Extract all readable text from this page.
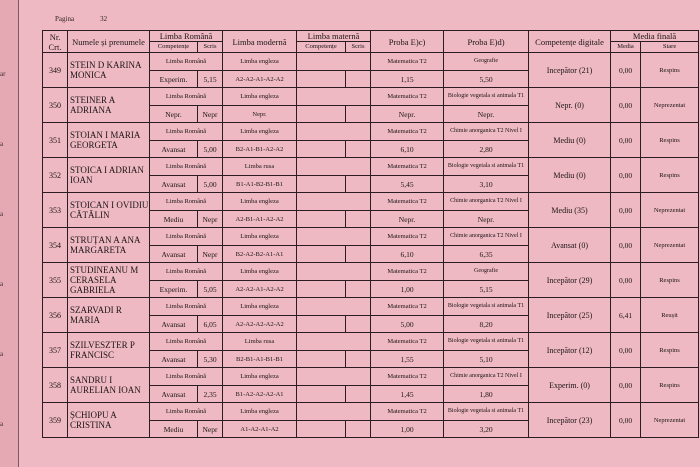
ar
a
a
a
a
a
Pagina	32
Nr. Crt.	Numele și prenumele	Limba Română		Limba modernă	Limba maternă		Proba E)c)	Proba E)d)	Competențe digitale	Media finală	
		Competențe	Scris		Competențe	Scris				Media	Stare
349	STEIN D KARINA MONICA	Limba Română		Limba engleza			Matematica T2	Geografie	Incepător (21)	0,00	Respins
		Experim.	5,15	A2-A2-A1-A2-A2			1,15	5,50			
350	STEINER A ADRIANA	Limba Română		Limba engleza			Matematica T2	Biologie vegetala si animala T1	Nepr. (0)	0,00	Neprezentat
		Nepr.	Nepr	Nepr.			Nepr.	Nepr.			
351	STOIAN I MARIA GEORGETA	Limba Română		Limba engleza			Matematica T2	Chimie anorganica T2 Nivel I	Mediu (0)	0,00	Respins
		Avansat	5,00	B2-A1-B1-A2-A2			6,10	2,80			
352	STOICA I ADRIAN IOAN	Limba Română		Limba rusa			Matematica T2	Biologie vegetala si animala T1	Mediu (0)	0,00	Respins
		Avansat	5,00	B1-A1-B2-B1-B1			5,45	3,10			
353	STOICAN I OVIDIU CĂTĂLIN	Limba Română		Limba engleza			Matematica T2	Chimie anorganica T2 Nivel I	Mediu (35)	0,00	Neprezentat
		Mediu	Nepr	A2-B1-A1-A2-A2			Nepr.	Nepr.			
354	STRUȚAN A ANA MARGARETA	Limba Română		Limba engleza			Matematica T2	Chimie anorganica T2 Nivel I	Avansat (0)	0,00	Neprezentat
		Avansat	Nepr	B2-A2-B2-A1-A1			6,10	6,35			
355	STUDINEANU M CERASELA GABRIELA	Limba Română		Limba engleza			Matematica T2	Geografie	Incepător (29)	0,00	Respins
		Experim.	5,05	A2-A2-A1-A2-A2			1,00	5,15			
356	SZARVADI R MARIA	Limba Română		Limba engleza			Matematica T2	Biologie vegetala si animala T1	Incepător (25)	6,41	Reușit
		Avansat	6,05	A2-A2-A2-A2-A2			5,00	8,20			
357	SZILVESZTER P FRANCISC	Limba Română		Limba rusa			Matematica T2	Biologie vegetala si animala T1	Incepător (12)	0,00	Respins
		Avansat	5,30	B2-B1-A1-B1-B1			1,55	5,10			
358	SANDRU I AURELIAN IOAN	Limba Română		Limba engleza			Matematica T2	Chimie anorganica T2 Nivel I	Experim. (0)	0,00	Respins
		Avansat	2,35	B1-A2-A2-A2-A1			1,45	1,80			
359	ȘCHIOPU A CRISTINA	Limba Română		Limba engleza			Matematica T2	Biologie vegetala si animala T1	Incepător (23)	0,00	Neprezentat
		Mediu	Nepr	A1-A2-A1-A2			1,00	3,20			
